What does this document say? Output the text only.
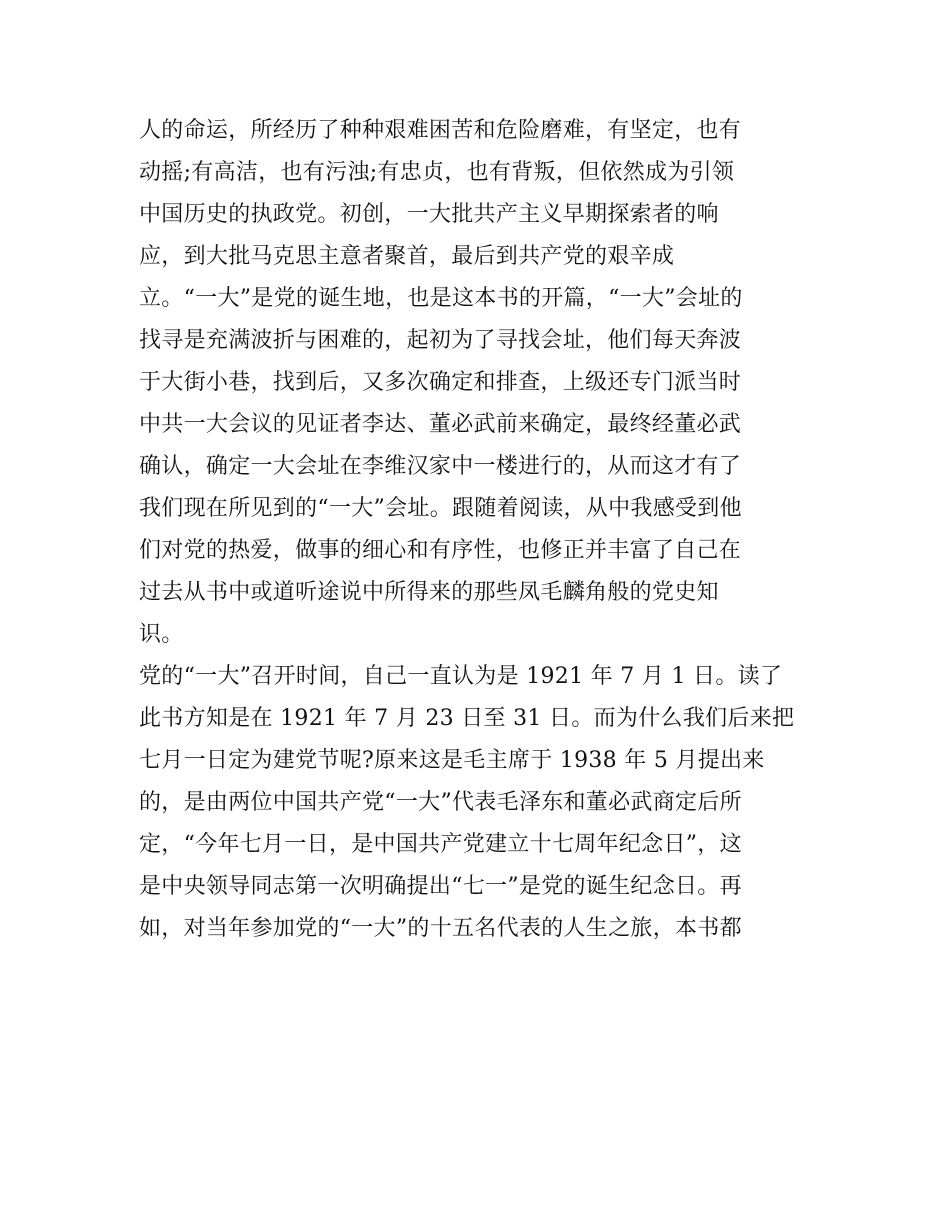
人的命运，所经历了种种艰难困苦和危险磨难，有坚定，也有
动摇;有高洁，也有污浊;有忠贞，也有背叛，但依然成为引领
中国历史的执政党。初创，一大批共产主义早期探索者的响
应，到大批马克思主意者聚首，最后到共产党的艰辛成
立。“一大”是党的诞生地，也是这本书的开篇，“一大”会址的
找寻是充满波折与困难的，起初为了寻找会址，他们每天奔波
于大街小巷，找到后，又多次确定和排查，上级还专门派当时
中共一大会议的见证者李达、董必武前来确定，最终经董必武
确认，确定一大会址在李维汉家中一楼进行的，从而这才有了
我们现在所见到的“一大”会址。跟随着阅读，从中我感受到他
们对党的热爱，做事的细心和有序性，也修正并丰富了自己在
过去从书中或道听途说中所得来的那些凤毛麟角般的党史知
识。
党的“一大”召开时间，自己一直认为是 1921 年 7 月 1 日。读了
此书方知是在 1921 年 7 月 23 日至 31 日。而为什么我们后来把
七月一日定为建党节呢?原来这是毛主席于 1938 年 5 月提出来
的，是由两位中国共产党“一大”代表毛泽东和董必武商定后所
定，“今年七月一日，是中国共产党建立十七周年纪念日”，这
是中央领导同志第一次明确提出“七一”是党的诞生纪念日。再
如，对当年参加党的“一大”的十五名代表的人生之旅，本书都
